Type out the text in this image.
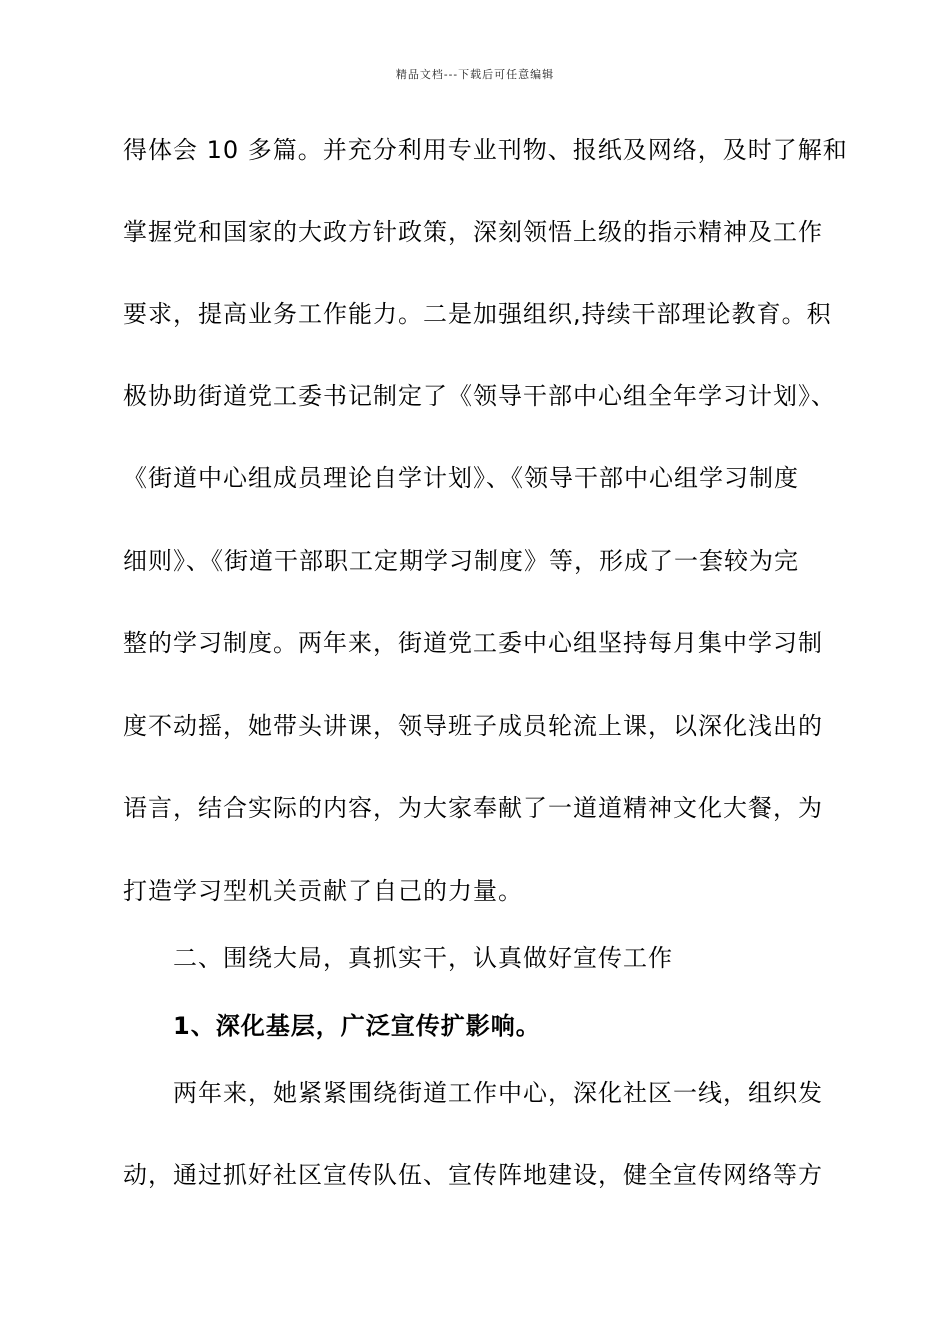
精品文档---下载后可任意编辑
得体会 10 多篇。并充分利用专业刊物、报纸及网络，及时了解和
掌握党和国家的大政方针政策，深刻领悟上级的指示精神及工作
要求，提高业务工作能力。二是加强组织,持续干部理论教育。积
极协助街道党工委书记制定了《领导干部中心组全年学习计划》、
《街道中心组成员理论自学计划》、《领导干部中心组学习制度
细则》、《街道干部职工定期学习制度》等，形成了一套较为完
整的学习制度。两年来，街道党工委中心组坚持每月集中学习制
度不动摇，她带头讲课，领导班子成员轮流上课，以深化浅出的
语言，结合实际的内容，为大家奉献了一道道精神文化大餐，为
打造学习型机关贡献了自己的力量。
二、围绕大局，真抓实干，认真做好宣传工作
1、深化基层，广泛宣传扩影响。
两年来，她紧紧围绕街道工作中心，深化社区一线，组织发
动，通过抓好社区宣传队伍、宣传阵地建设，健全宣传网络等方
